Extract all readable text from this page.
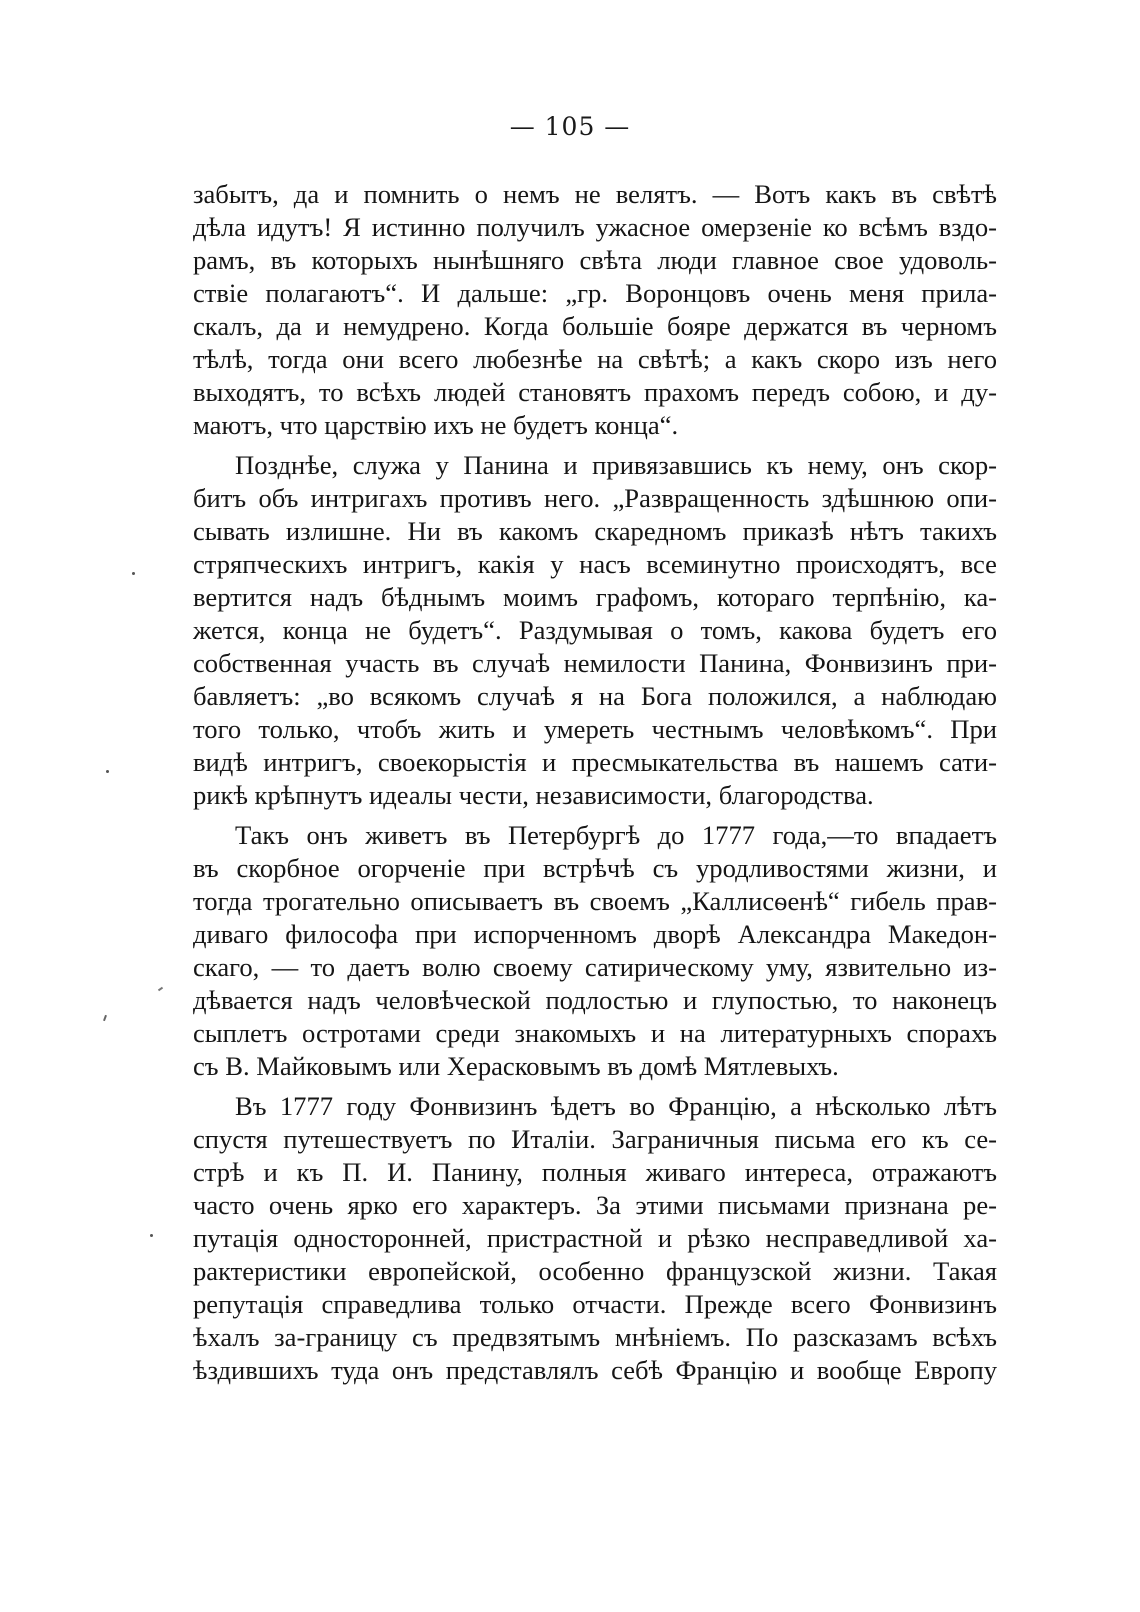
— 105 —
забытъ, да и помнить о немъ не велятъ. — Вотъ какъ въ свѣтѣ
дѣла идутъ! Я истинно получилъ ужасное омерзеніе ко всѣмъ вздо-
рамъ, въ которыхъ нынѣшняго свѣта люди главное свое удоволь-
ствіе полагаютъ“. И дальше: „гр. Воронцовъ очень меня прила-
скалъ, да и немудрено. Когда большіе бояре держатся въ черномъ
тѣлѣ, тогда они всего любезнѣе на свѣтѣ; а какъ скоро изъ него
выходятъ, то всѣхъ людей становятъ прахомъ передъ собою, и ду-
маютъ, что царствію ихъ не будетъ конца“.
Позднѣе, служа у Панина и привязавшись къ нему, онъ скор-
битъ объ интригахъ противъ него. „Развращенность здѣшнюю опи-
сывать излишне. Ни въ какомъ скаредномъ приказѣ нѣтъ такихъ
стряпческихъ интригъ, какія у насъ всеминутно происходятъ, все
вертится надъ бѣднымъ моимъ графомъ, котораго терпѣнію, ка-
жется, конца не будетъ“. Раздумывая о томъ, какова будетъ его
собственная участь въ случаѣ немилости Панина, Фонвизинъ при-
бавляетъ: „во всякомъ случаѣ я на Бога положился, а наблюдаю
того только, чтобъ жить и умереть честнымъ человѣкомъ“. При
видѣ интригъ, своекорыстія и пресмыкательства въ нашемъ сати-
рикѣ крѣпнутъ идеалы чести, независимости, благородства.
Такъ онъ живетъ въ Петербургѣ до 1777 года,—то впадаетъ
въ скорбное огорченіе при встрѣчѣ съ уродливостями жизни, и
тогда трогательно описываетъ въ своемъ „Каллисѳенѣ“ гибель прав-
диваго философа при испорченномъ дворѣ Александра Македон-
скаго, — то даетъ волю своему сатирическому уму, язвительно из-
дѣвается надъ человѣческой подлостью и глупостью, то наконецъ
сыплетъ остротами среди знакомыхъ и на литературныхъ спорахъ
съ В. Майковымъ или Херасковымъ въ домѣ Мятлевыхъ.
Въ 1777 году Фонвизинъ ѣдетъ во Францію, а нѣсколько лѣтъ
спустя путешествуетъ по Италіи. Заграничныя письма его къ се-
стрѣ и къ П. И. Панину, полныя живаго интереса, отражаютъ
часто очень ярко его характеръ. За этими письмами признана ре-
путація односторонней, пристрастной и рѣзко несправедливой ха-
рактеристики европейской, особенно французской жизни. Такая
репутація справедлива только отчасти. Прежде всего Фонвизинъ
ѣхалъ за-границу съ предвзятымъ мнѣніемъ. По разсказамъ всѣхъ
ѣздившихъ туда онъ представлялъ себѣ Францію и вообще Европу
